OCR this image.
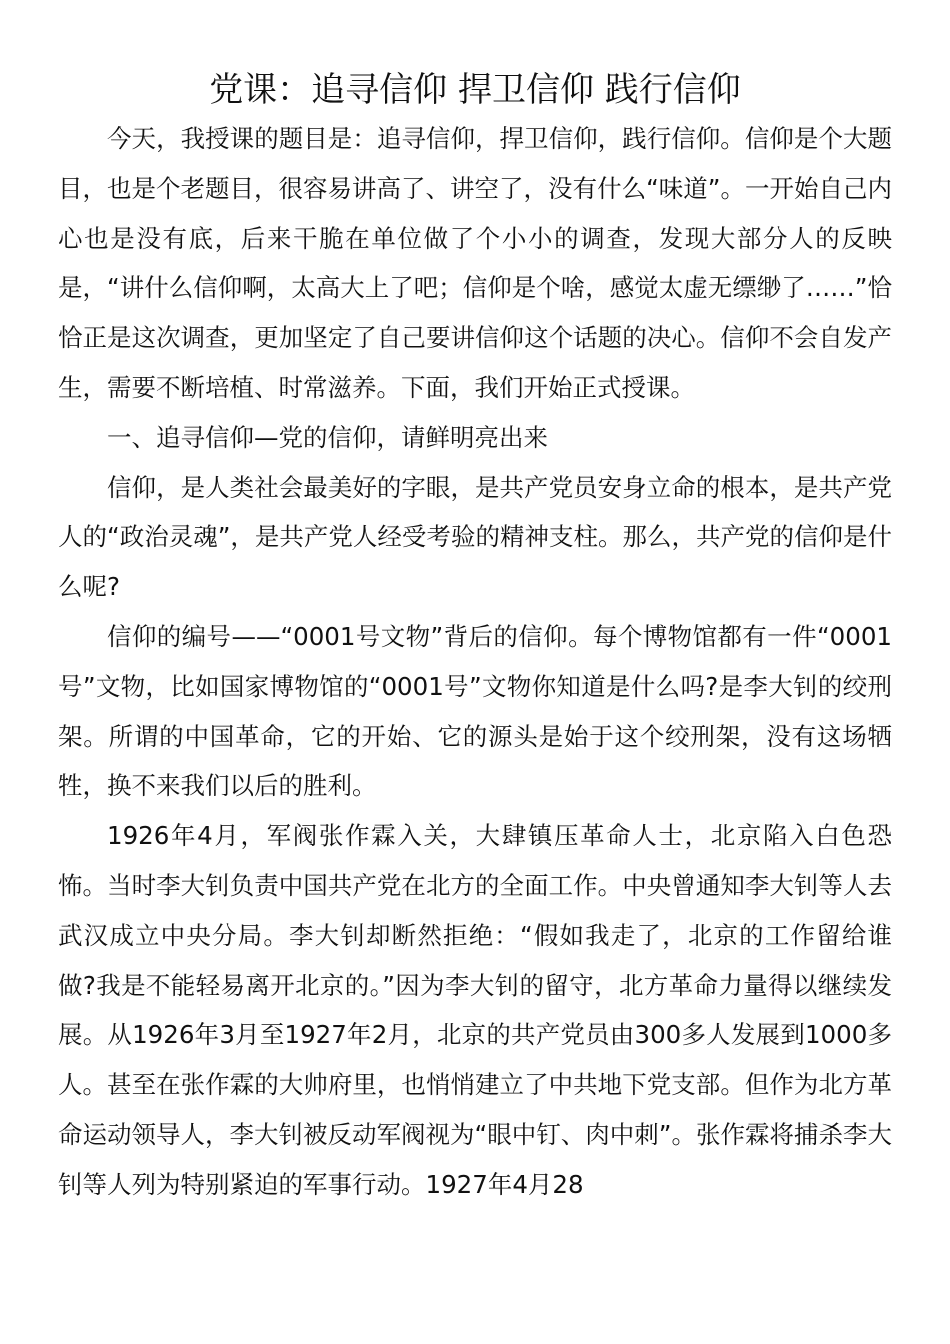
党课：追寻信仰 捍卫信仰 践行信仰

今天，我授课的题目是：追寻信仰，捍卫信仰，践行信仰。信仰是个大题目，也是个老题目，很容易讲高了、讲空了，没有什么“味道”。一开始自己内心也是没有底，后来干脆在单位做了个小小的调查，发现大部分人的反映是，“讲什么信仰啊，太高大上了吧；信仰是个啥，感觉太虚无缥缈了……”恰恰正是这次调查，更加坚定了自己要讲信仰这个话题的决心。信仰不会自发产生，需要不断培植、时常滋养。下面，我们开始正式授课。

一、追寻信仰—党的信仰，请鲜明亮出来

信仰，是人类社会最美好的字眼，是共产党员安身立命的根本，是共产党人的“政治灵魂”，是共产党人经受考验的精神支柱。那么，共产党的信仰是什么呢?

信仰的编号——“0001号文物”背后的信仰。每个博物馆都有一件“0001号”文物，比如国家博物馆的“0001号”文物你知道是什么吗?是李大钊的绞刑架。所谓的中国革命，它的开始、它的源头是始于这个绞刑架，没有这场牺牲，换不来我们以后的胜利。

1926年4月，军阀张作霖入关，大肆镇压革命人士，北京陷入白色恐怖。当时李大钊负责中国共产党在北方的全面工作。中央曾通知李大钊等人去武汉成立中央分局。李大钊却断然拒绝：“假如我走了，北京的工作留给谁做?我是不能轻易离开北京的。”因为李大钊的留守，北方革命力量得以继续发展。从1926年3月至1927年2月，北京的共产党员由300多人发展到1000多人。甚至在张作霖的大帅府里，也悄悄建立了中共地下党支部。但作为北方革命运动领导人，李大钊被反动军阀视为“眼中钉、肉中刺”。张作霖将捕杀李大钊等人列为特别紧迫的军事行动。1927年4月28
